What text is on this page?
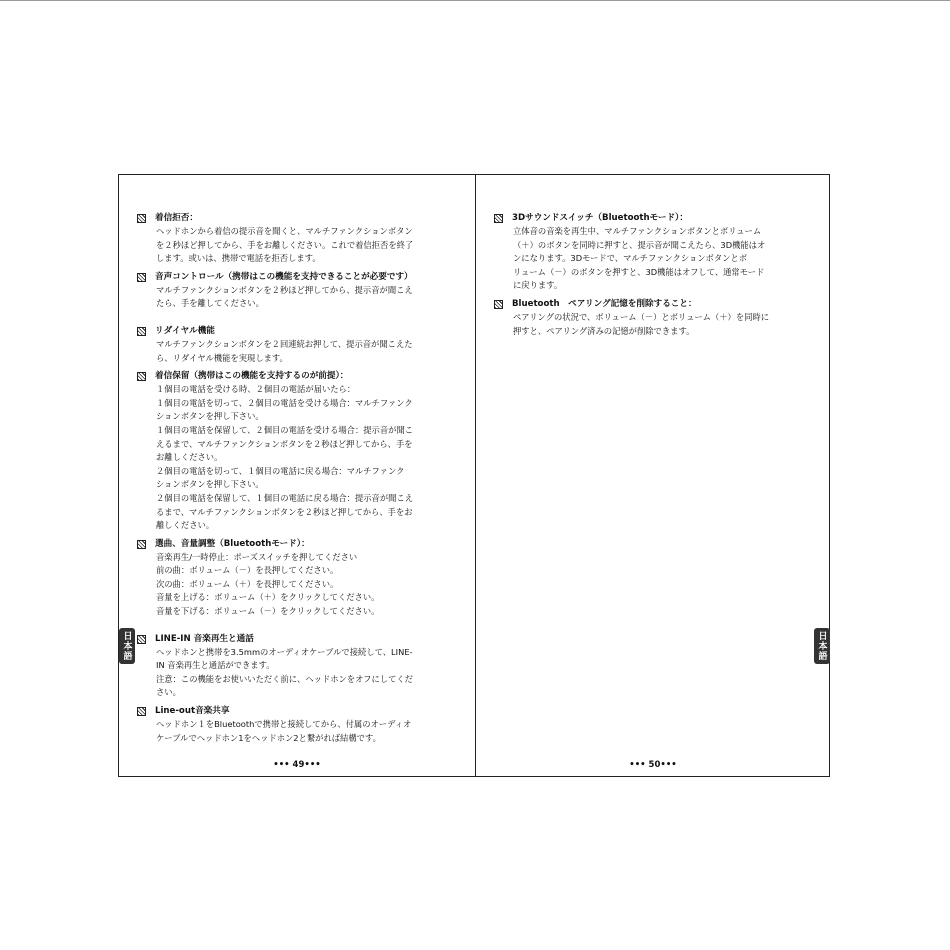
着信拒否：
ヘッドホンから着信の提示音を聞くと、マルチファンクションボタン
を２秒ほど押してから、手をお離しください。これで着信拒否を終了
します。或いは、携帯で電話を拒否します。
音声コントロール（携帯はこの機能を支持できることが必要です）
マルチファンクションボタンを２秒ほど押してから、提示音が聞こえ
たら、手を離してください。
リダイヤル機能
マルチファンクションボタンを２回連続お押して、提示音が聞こえた
ら、リダイヤル機能を実現します。
着信保留（携帯はこの機能を支持するのが前提）：
１個目の電話を受ける時、２個目の電話が届いたら：
１個目の電話を切って、２個目の電話を受ける場合：マルチファンク
ションボタンを押し下さい。
１個目の電話を保留して、２個目の電話を受ける場合：提示音が聞こ
えるまで、マルチファンクションボタンを２秒ほど押してから、手を
お離しください。
２個目の電話を切って、１個目の電話に戻る場合：マルチファンク
ションボタンを押し下さい。
２個目の電話を保留して、１個目の電話に戻る場合：提示音が聞こえ
るまで、マルチファンクションボタンを２秒ほど押してから、手をお
離しください。
選曲、音量調整（Bluetoothモード）：
音楽再生/一時停止：ポーズスイッチを押してください
前の曲：ボリューム（－）を長押してください。
次の曲：ボリューム（＋）を長押してください。
音量を上げる：ボリューム（＋）をクリックしてください。
音量を下げる：ボリューム（－）をクリックしてください。
LINE-IN 音楽再生と通話
ヘッドホンと携帯を3.5mmのオーディオケーブルで接続して、LINE-
IN 音楽再生と通話ができます。
注意：この機能をお使いいただく前に、ヘッドホンをオフにしてくだ
さい。
Line-out音楽共享
ヘッドホン１をBluetoothで携帯と接続してから、付属のオーディオ
ケーブルでヘッドホン1をヘッドホン2と繋がれば結構です。
••• 49•••
3Dサウンドスイッチ（Bluetoothモード）：
立体音の音楽を再生中、マルチファンクションボタンとボリューム
（＋）のボタンを同時に押すと、提示音が聞こえたら、3D機能はオ
ンになります。3Dモードで、マルチファンクションボタンとボ
リューム（－）のボタンを押すと、3D機能はオフして、通常モード
に戻ります。
Bluetooth　ペアリング記憶を削除すること：
ペアリングの状況で、ボリューム（－）とボリューム（＋）を同時に
押すと、ペアリング済みの記憶が削除できます。
••• 50•••
日本語	日本語
